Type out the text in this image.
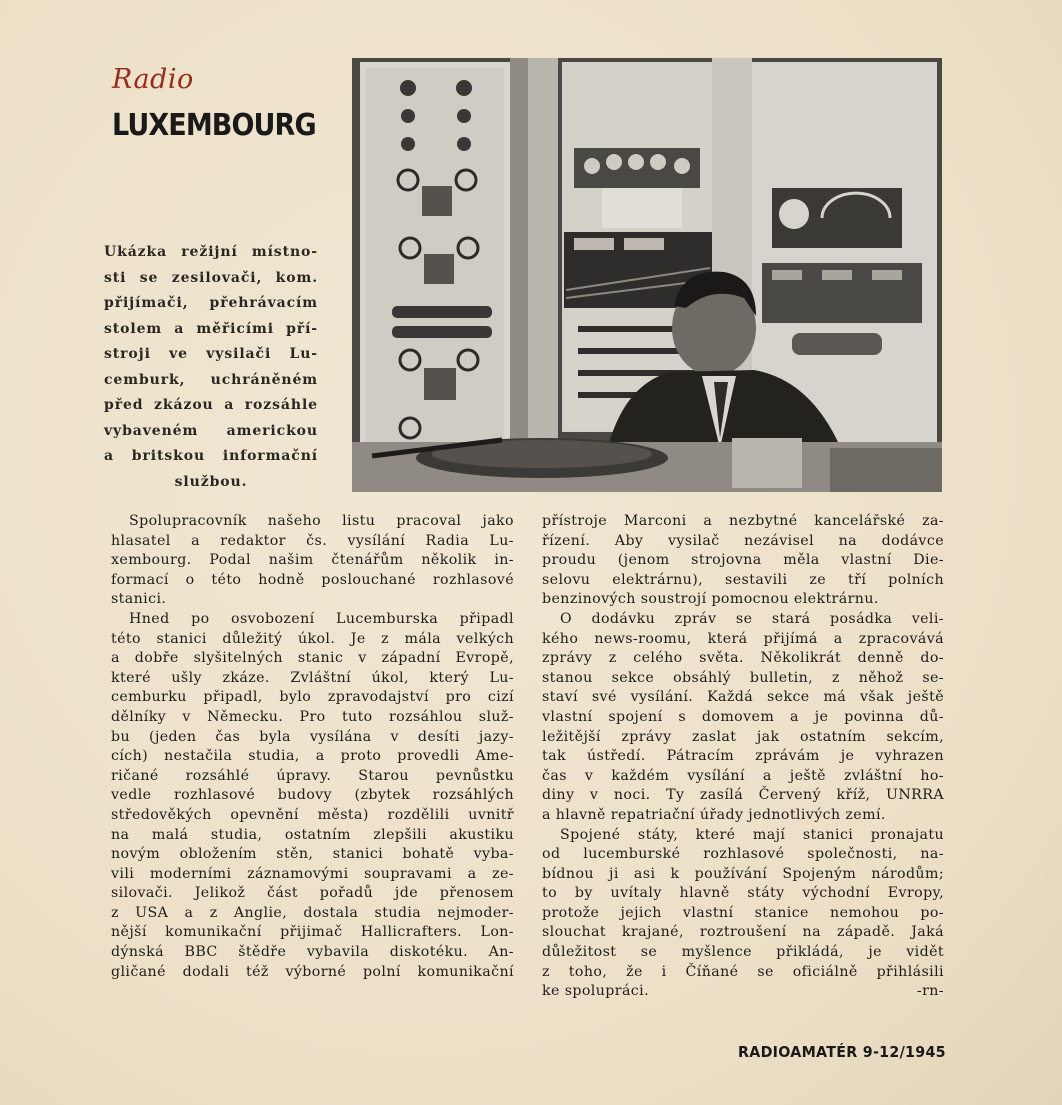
Radio
LUXEMBOURG
Ukázka režijní místno-
sti se zesilovači, kom.
přijímači, přehrávacím
stolem a měřicími pří-
stroji ve vysilači Lu-
cemburk, uchráněném
před zkázou a rozsáhle
vybaveném americkou
a britskou informační
službou.
Spolupracovník našeho listu pracoval jako
hlasatel a redaktor čs. vysílání Radia Lu-
xembourg. Podal našim čtenářům několik in-
formací o této hodně poslouchané rozhlasové
stanici.
Hned po osvobození Lucemburska připadl
této stanici důležitý úkol. Je z mála velkých
a dobře slyšitelných stanic v západní Evropě,
které ušly zkáze. Zvláštní úkol, který Lu-
cemburku připadl, bylo zpravodajství pro cizí
dělníky v Německu. Pro tuto rozsáhlou služ-
bu (jeden čas byla vysílána v desíti jazy-
cích) nestačila studia, a proto provedli Ame-
ričané rozsáhlé úpravy. Starou pevnůstku
vedle rozhlasové budovy (zbytek rozsáhlých
středověkých opevnění města) rozdělili uvnitř
na malá studia, ostatním zlepšili akustiku
novým obložením stěn, stanici bohatě vyba-
vili moderními záznamovými soupravami a ze-
silovači. Jelikož část pořadů jde přenosem
z USA a z Anglie, dostala studia nejmoder-
nější komunikační přijimač Hallicrafters. Lon-
dýnská BBC štědře vybavila diskotéku. An-
gličané dodali též výborné polní komunikační
přístroje Marconi a nezbytné kancelářské za-
řízení. Aby vysilač nezávisel na dodávce
proudu (jenom strojovna měla vlastní Die-
selovu elektrárnu), sestavili ze tří polních
benzinových soustrojí pomocnou elektrárnu.
O dodávku zpráv se stará posádka veli-
kého news-roomu, která přijímá a zpracovává
zprávy z celého světa. Několikrát denně do-
stanou sekce obsáhlý bulletin, z něhož se-
staví své vysílání. Každá sekce má však ještě
vlastní spojení s domovem a je povinna dů-
ležitější zprávy zaslat jak ostatním sekcím,
tak ústředí. Pátracím zprávám je vyhrazen
čas v každém vysílání a ještě zvláštní ho-
diny v noci. Ty zasílá Červený kříž, UNRRA
a hlavně repatriační úřady jednotlivých zemí.
Spojené státy, které mají stanici pronajatu
od lucemburské rozhlasové společnosti, na-
bídnou ji asi k používání Spojeným národům;
to by uvítaly hlavně státy východní Evropy,
protože jejich vlastní stanice nemohou po-
slouchat krajané, roztroušení na západě. Jaká
důležitost se myšlence přikládá, je vidět
z toho, že i Číňané se oficiálně přihlásili
ke spolupráci.	-rn-
RADIOAMATÉR 9-12/1945
